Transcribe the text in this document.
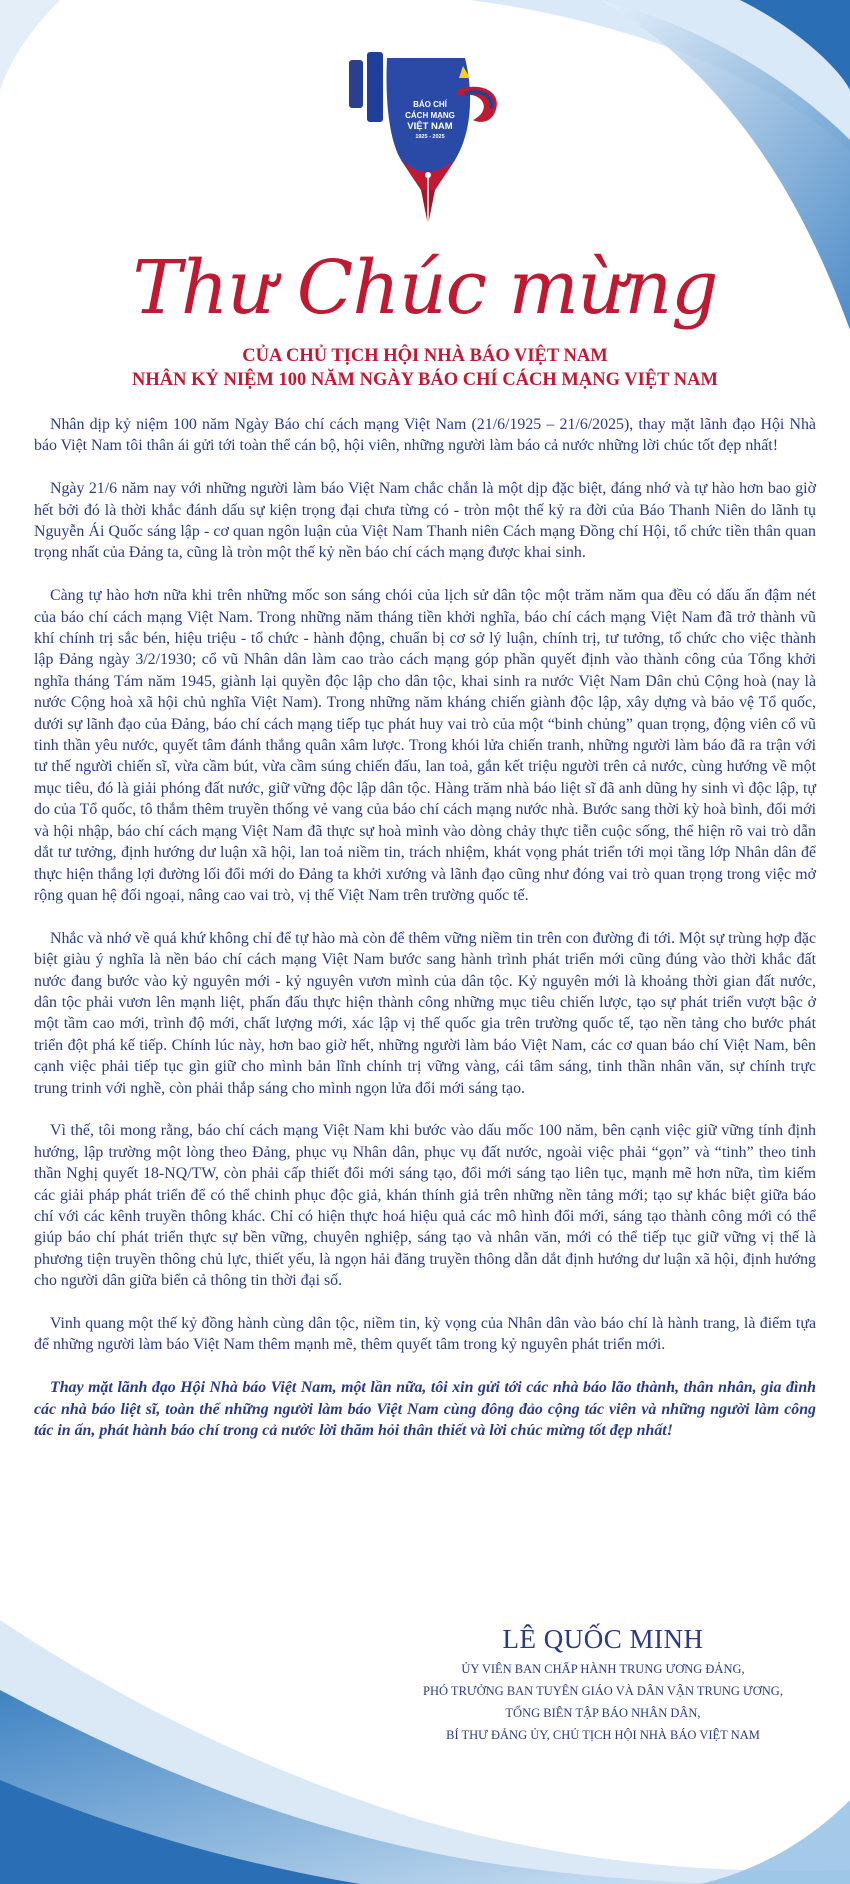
BÁO CHÍ
CÁCH MẠNG
VIỆT NAM
1925 - 2025
Thư Chúc mừng
CỦA CHỦ TỊCH HỘI NHÀ BÁO VIỆT NAM
NHÂN KỶ NIỆM 100 NĂM NGÀY BÁO CHÍ CÁCH MẠNG VIỆT NAM

Nhân dịp kỷ niệm 100 năm Ngày Báo chí cách mạng Việt Nam (21/6/1925 – 21/6/2025), thay mặt lãnh đạo Hội Nhà báo Việt Nam tôi thân ái gửi tới toàn thể cán bộ, hội viên, những người làm báo cả nước những lời chúc tốt đẹp nhất!

Ngày 21/6 năm nay với những người làm báo Việt Nam chắc chắn là một dịp đặc biệt, đáng nhớ và tự hào hơn bao giờ hết bởi đó là thời khắc đánh dấu sự kiện trọng đại chưa từng có - tròn một thế kỷ ra đời của Báo Thanh Niên do lãnh tụ Nguyễn Ái Quốc sáng lập - cơ quan ngôn luận của Việt Nam Thanh niên Cách mạng Đồng chí Hội, tổ chức tiền thân quan trọng nhất của Đảng ta, cũng là tròn một thế kỷ nền báo chí cách mạng được khai sinh.

Càng tự hào hơn nữa khi trên những mốc son sáng chói của lịch sử dân tộc một trăm năm qua đều có dấu ấn đậm nét của báo chí cách mạng Việt Nam. Trong những năm tháng tiền khởi nghĩa, báo chí cách mạng Việt Nam đã trở thành vũ khí chính trị sắc bén, hiệu triệu - tổ chức - hành động, chuẩn bị cơ sở lý luận, chính trị, tư tưởng, tổ chức cho việc thành lập Đảng ngày 3/2/1930; cổ vũ Nhân dân làm cao trào cách mạng góp phần quyết định vào thành công của Tổng khởi nghĩa tháng Tám năm 1945, giành lại quyền độc lập cho dân tộc, khai sinh ra nước Việt Nam Dân chủ Cộng hoà (nay là nước Cộng hoà xã hội chủ nghĩa Việt Nam). Trong những năm kháng chiến giành độc lập, xây dựng và bảo vệ Tổ quốc, dưới sự lãnh đạo của Đảng, báo chí cách mạng tiếp tục phát huy vai trò của một “binh chủng” quan trọng, động viên cổ vũ tinh thần yêu nước, quyết tâm đánh thắng quân xâm lược. Trong khói lửa chiến tranh, những người làm báo đã ra trận với tư thế người chiến sĩ, vừa cầm bút, vừa cầm súng chiến đấu, lan toả, gắn kết triệu người trên cả nước, cùng hướng về một mục tiêu, đó là giải phóng đất nước, giữ vững độc lập dân tộc. Hàng trăm nhà báo liệt sĩ đã anh dũng hy sinh vì độc lập, tự do của Tổ quốc, tô thắm thêm truyền thống vẻ vang của báo chí cách mạng nước nhà. Bước sang thời kỳ hoà bình, đổi mới và hội nhập, báo chí cách mạng Việt Nam đã thực sự hoà mình vào dòng chảy thực tiễn cuộc sống, thể hiện rõ vai trò dẫn dắt tư tưởng, định hướng dư luận xã hội, lan toả niềm tin, trách nhiệm, khát vọng phát triển tới mọi tầng lớp Nhân dân để thực hiện thắng lợi đường lối đổi mới do Đảng ta khởi xướng và lãnh đạo cũng như đóng vai trò quan trọng trong việc mở rộng quan hệ đối ngoại, nâng cao vai trò, vị thế Việt Nam trên trường quốc tế.

Nhắc và nhớ về quá khứ không chỉ để tự hào mà còn để thêm vững niềm tin trên con đường đi tới. Một sự trùng hợp đặc biệt giàu ý nghĩa là nền báo chí cách mạng Việt Nam bước sang hành trình phát triển mới cũng đúng vào thời khắc đất nước đang bước vào kỷ nguyên mới - kỷ nguyên vươn mình của dân tộc. Kỷ nguyên mới là khoảng thời gian đất nước, dân tộc phải vươn lên mạnh liệt, phấn đấu thực hiện thành công những mục tiêu chiến lược, tạo sự phát triển vượt bậc ở một tầm cao mới, trình độ mới, chất lượng mới, xác lập vị thế quốc gia trên trường quốc tế, tạo nền tảng cho bước phát triển đột phá kế tiếp. Chính lúc này, hơn bao giờ hết, những người làm báo Việt Nam, các cơ quan báo chí Việt Nam, bên cạnh việc phải tiếp tục gìn giữ cho mình bản lĩnh chính trị vững vàng, cái tâm sáng, tinh thần nhân văn, sự chính trực trung trinh với nghề, còn phải thắp sáng cho mình ngọn lửa đổi mới sáng tạo.

Vì thế, tôi mong rằng, báo chí cách mạng Việt Nam khi bước vào dấu mốc 100 năm, bên cạnh việc giữ vững tính định hướng, lập trường một lòng theo Đảng, phục vụ Nhân dân, phục vụ đất nước, ngoài việc phải “gọn” và “tinh” theo tinh thần Nghị quyết 18-NQ/TW, còn phải cấp thiết đổi mới sáng tạo, đổi mới sáng tạo liên tục, mạnh mẽ hơn nữa, tìm kiếm các giải pháp phát triển để có thể chinh phục độc giả, khán thính giả trên những nền tảng mới; tạo sự khác biệt giữa báo chí với các kênh truyền thông khác. Chỉ có hiện thực hoá hiệu quả các mô hình đổi mới, sáng tạo thành công mới có thể giúp báo chí phát triển thực sự bền vững, chuyên nghiệp, sáng tạo và nhân văn, mới có thể tiếp tục giữ vững vị thế là phương tiện truyền thông chủ lực, thiết yếu, là ngọn hải đăng truyền thông dẫn dắt định hướng dư luận xã hội, định hướng cho người dân giữa biển cả thông tin thời đại số.

Vinh quang một thế kỷ đồng hành cùng dân tộc, niềm tin, kỳ vọng của Nhân dân vào báo chí là hành trang, là điểm tựa để những người làm báo Việt Nam thêm mạnh mẽ, thêm quyết tâm trong kỷ nguyên phát triển mới.

Thay mặt lãnh đạo Hội Nhà báo Việt Nam, một lần nữa, tôi xin gửi tới các nhà báo lão thành, thân nhân, gia đình các nhà báo liệt sĩ, toàn thể những người làm báo Việt Nam cùng đông đảo cộng tác viên và những người làm công tác in ấn, phát hành báo chí trong cả nước lời thăm hỏi thân thiết và lời chúc mừng tốt đẹp nhất!

LÊ QUỐC MINH
ỦY VIÊN BAN CHẤP HÀNH TRUNG ƯƠNG ĐẢNG,
PHÓ TRƯỞNG BAN TUYÊN GIÁO VÀ DÂN VẬN TRUNG ƯƠNG,
TỔNG BIÊN TẬP BÁO NHÂN DÂN,
BÍ THƯ ĐẢNG ỦY, CHỦ TỊCH HỘI NHÀ BÁO VIỆT NAM
